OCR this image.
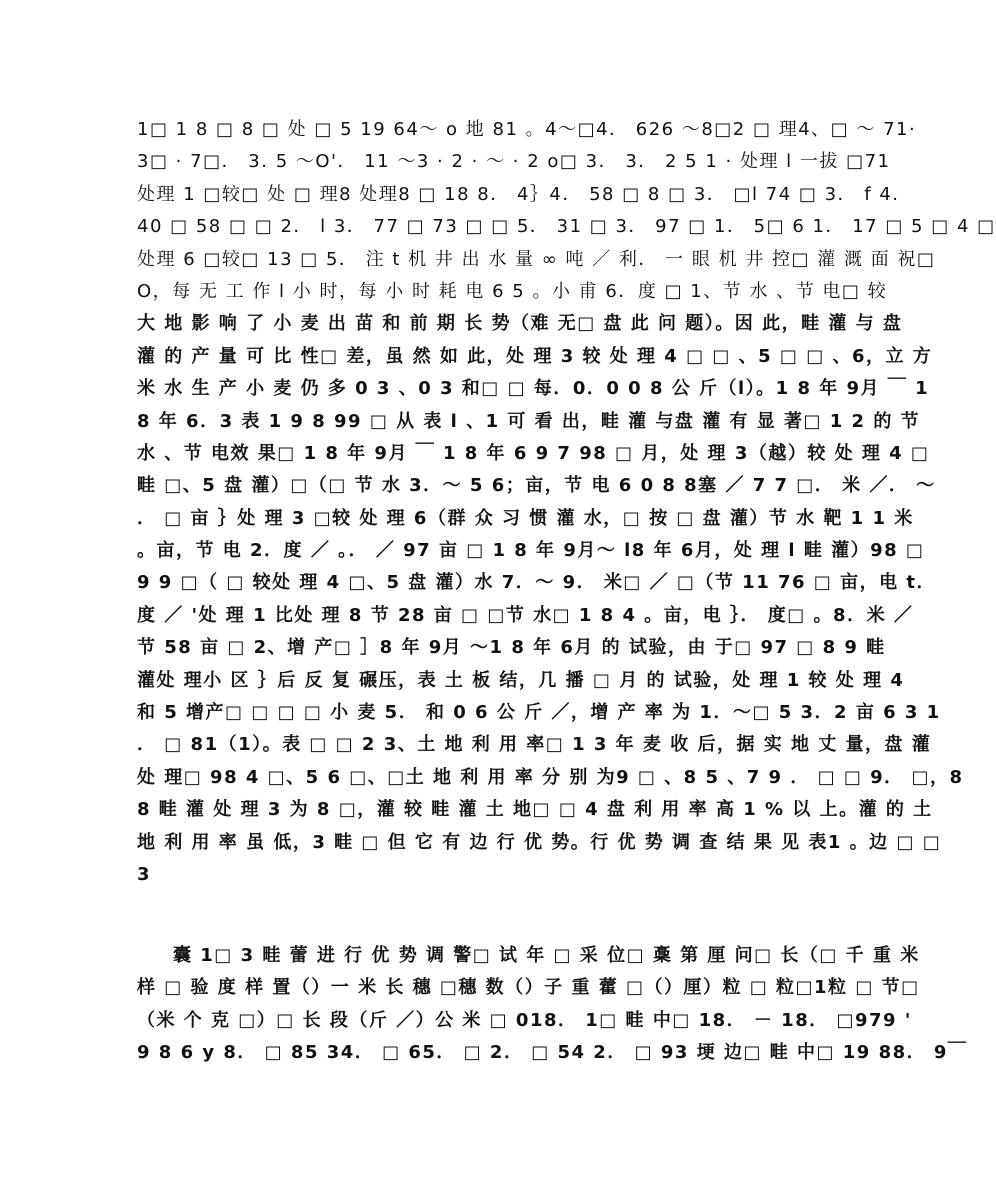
1□ 1 8 □ 8 □ 处 □ 5 19 64～ o 地 81 。4～□4． 626 ～8□2 □ 理4、□ ～ 71·
3□ · 7□． 3. 5 ～O'． 11 ～3 · 2 · ～ · 2 o□ 3． 3． 2 5 1 · 处理 l 一拔 □71
处理 1 □较□ 处 □ 理8 处理8 □ 18 8． 4｝4． 58 □ 8 □ 3． □l 74 □ 3． f 4.
40 □ 58 □ □ 2． l 3． 77 □ 73 □ □ 5． 31 □ 3． 97 □ 1． 5□ 6 1． 17 □ 5 □ 4 □
处理 6 □较□ 13 □ 5． 注 t 机 井 出 水 量 ∞ 吨 ／ 利． 一 眼 机 井 控□ 灌 溉 面 祝□
O，每 无 工 作 l 小 时，每 小 时 耗 电 6 5 。小 甫 6．度 □ 1、节 水 、节 电□ 较
大 地 影 响 了 小 麦 出 苗 和 前 期 长 势（难 无□ 盘 此 问 题）。因 此，畦 灌 与 盘
灌 的 产 量 可 比 性□ 差，虽 然 如 此，处 理 3 较 处 理 4 □ □ 、5 □ □ 、6，立 方
米 水 生 产 小 麦 仍 多 0 3 、0 3 和□ □ 每．0．0 0 8 公 斤（l）。1 8 年 9月 ￣ 1
8 年 6．3 表 1 9 8 99 □ 从 表 l 、1 可 看 出，畦 灌 与盘 灌 有 显 著□ 1 2 的 节
水 、节 电效 果□ 1 8 年 9月 ￣ 1 8 年 6 9 7 98 □ 月，处 理 3（越）较 处 理 4 □
畦 □、5 盘 灌）□（□ 节 水 3．～ 5 6；亩，节 电 6 0 8 8塞 ／ 7 7 □． 米 ／． ～
． □ 亩 ｝处 理 3 □较 处 理 6（群 众 习 惯 灌 水，□ 按 □ 盘 灌）节 水 靶 1 1 米
。亩，节 电 2．度 ／ 。． ／ 97 亩 □ 1 8 年 9月～ l8 年 6月，处 理 l 畦 灌）98 □
9 9 □（ □ 较处 理 4 □、5 盘 灌）水 7．～ 9． 米□ ／ □（节 11 76 □ 亩，电 t．
度 ／ '处 理 1 比处 理 8 节 28 亩 □ □节 水□ 1 8 4 。亩，电 ｝． 度□ 。8．米 ／
节 58 亩 □ 2、增 产□ ］8 年 9月 ～1 8 年 6月 的 试验，由 于□ 97 □ 8 9 畦
灌处 理小 区 ｝后 反 复 碾压，表 土 板 结，几 播 □ 月 的 试验，处 理 1 较 处 理 4
和 5 增产□ □ □ □ 小 麦 5． 和 0 6 公 斤 ／，增 产 率 为 1．～□ 5 3．2 亩 6 3 1
． □ 81（1）。表 □ □ 2 3、土 地 利 用 率□ 1 3 年 麦 收 后，据 实 地 丈 量，盘 灌
处 理□ 98 4 □、5 6 □、□土 地 利 用 率 分 别 为9 □ 、8 5 、7 9 ． □ □ 9． □，8
8 畦 灌 处 理 3 为 8 □，灌 较 畦 灌 土 地□ □ 4 盘 利 用 率 高 1 % 以 上。灌 的 土
地 利 用 率 虽 低，3 畦 □ 但 它 有 边 行 优 势。行 优 势 调 查 结 果 见 表1 。边 □ □
3
囊 1□ 3 畦 蕾 进 行 优 势 调 警□ 试 年 □ 采 位□ 稾 第 厘 问□ 长（□ 千 重 米
样 □ 验 度 样 置（）一 米 长 穗 □穗 数（）子 重 藿 □（）厘）粒 □ 粒□1粒 □ 节□
（米 个 克 □）□ 长 段（斤 ／）公 米 □ 018． 1□ 畦 中□ 18． － 18． □979 '
9 8 6 y 8． □ 85 34． □ 65． □ 2． □ 54 2． □ 93 埂 边□ 畦 中□ 19 88． 9￣
